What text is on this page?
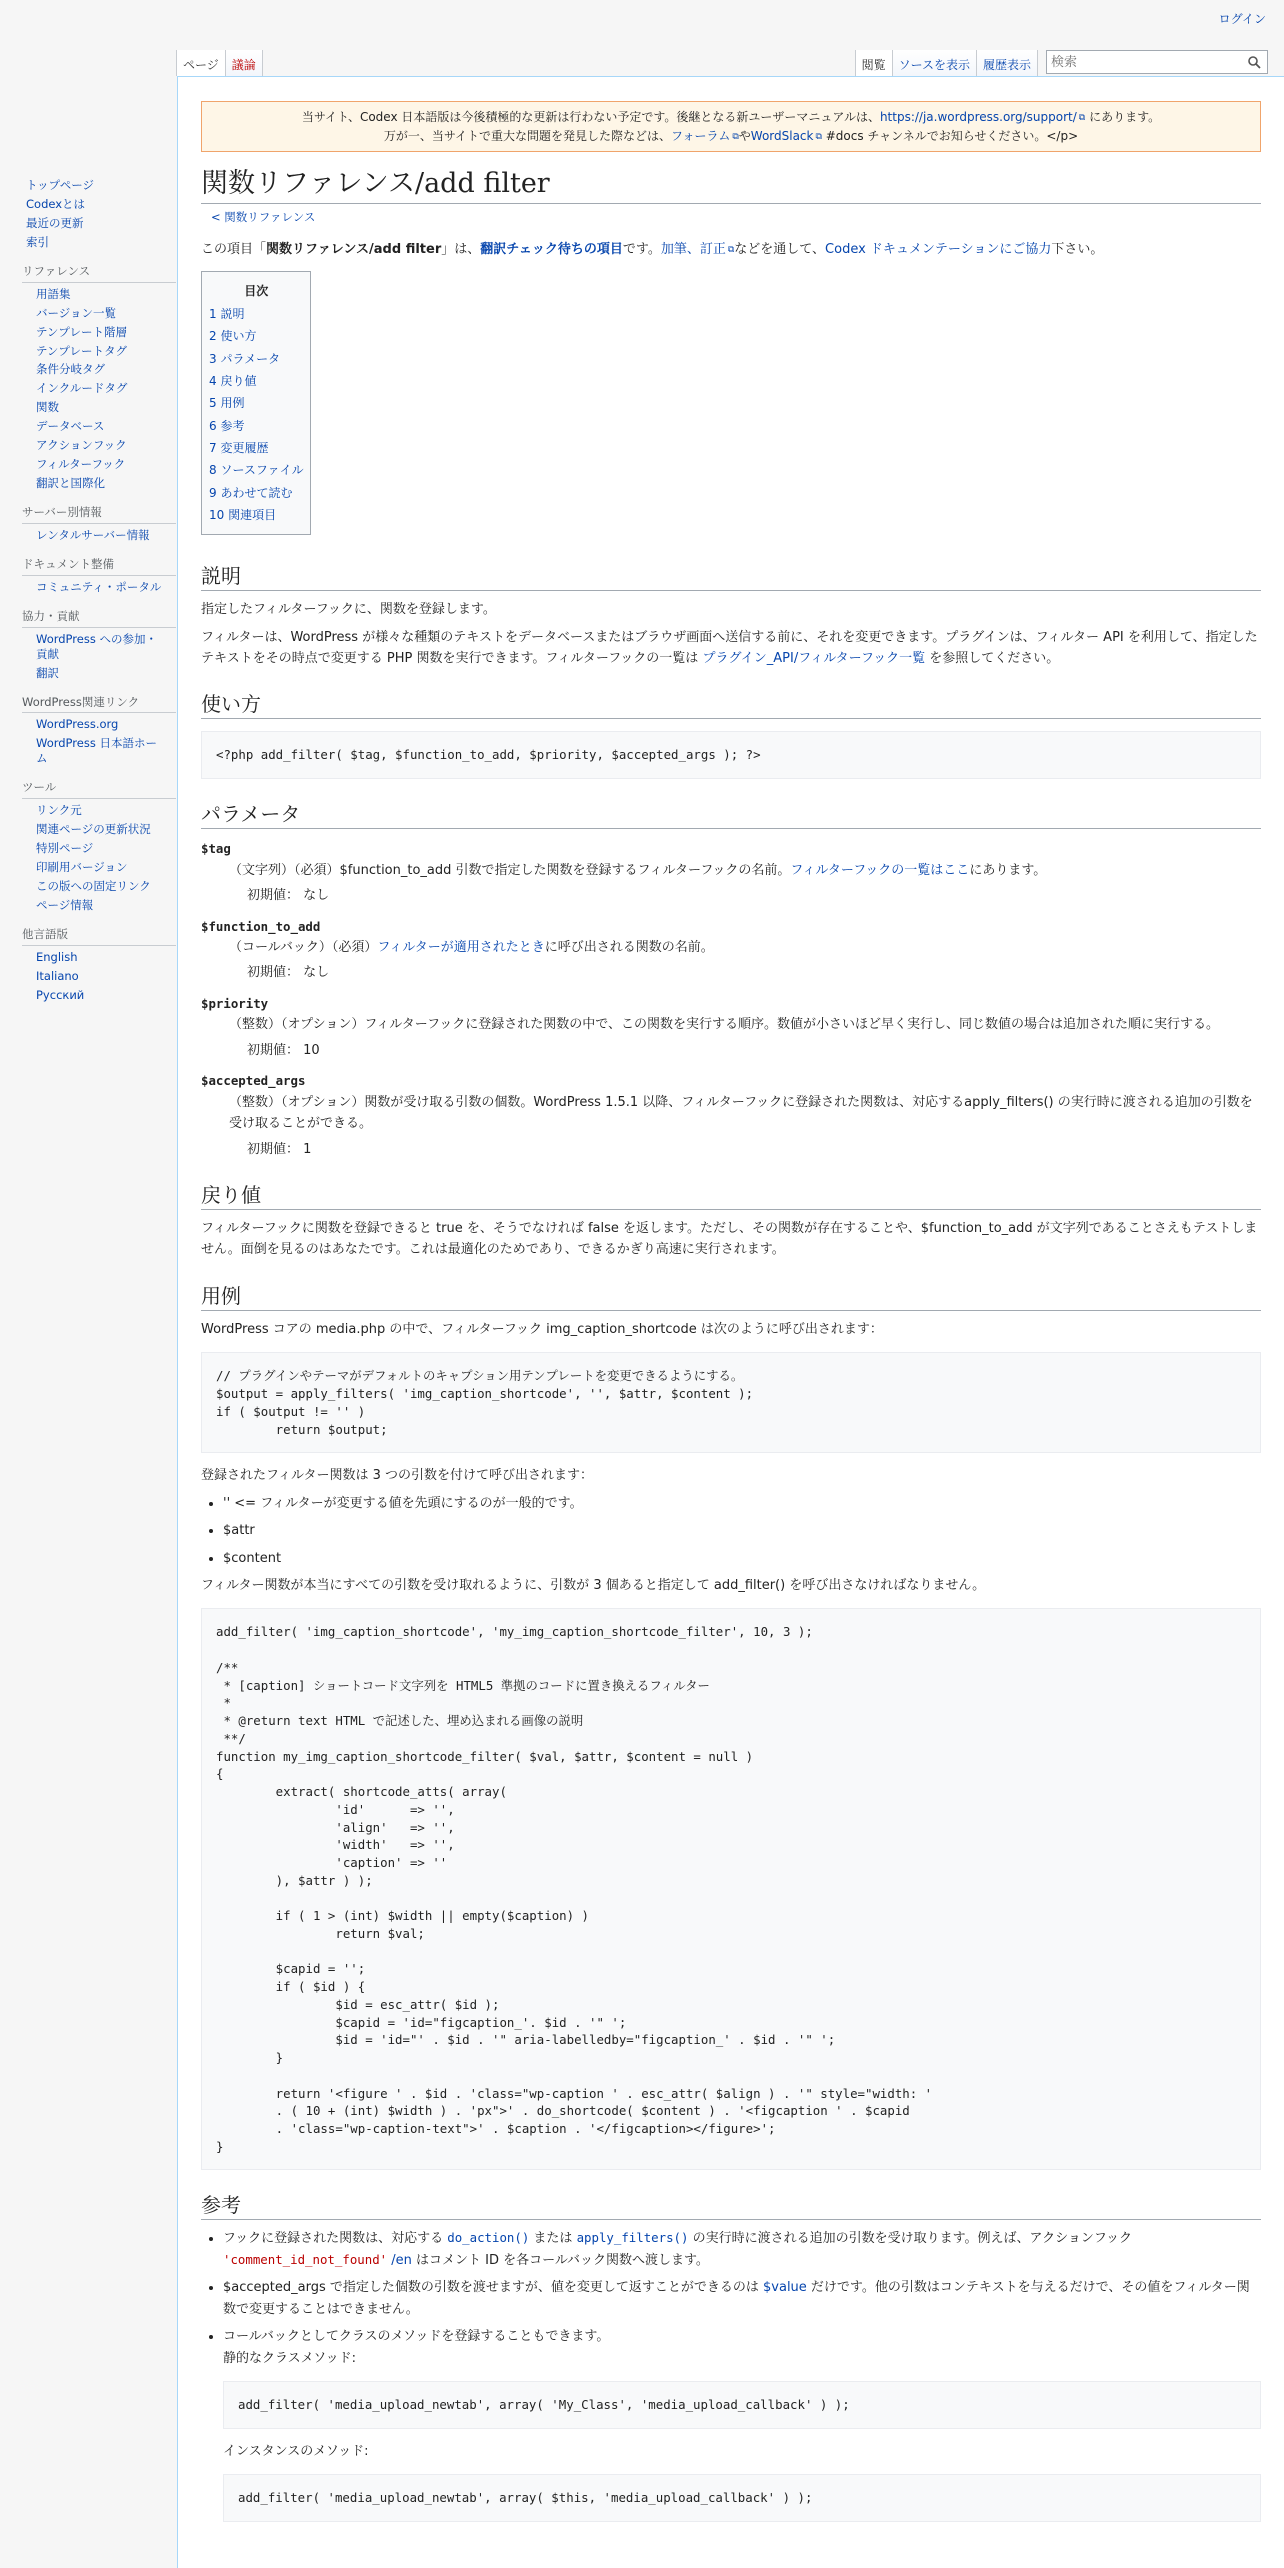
ログイン
ページ	議論	閲覧	ソースを表示	履歴表示
検索
トップページ
Codexとは
最近の更新
索引
リファレンス
用語集
バージョン一覧
テンプレート階層
テンプレートタグ
条件分岐タグ
インクルードタグ
関数
データベース
アクションフック
フィルターフック
翻訳と国際化
サーバー別情報
レンタルサーバー情報
ドキュメント整備
コミュニティ・ポータル
協力・貢献
WordPress への参加・貢献
翻訳
WordPress関連リンク
WordPress.org
WordPress 日本語ホーム
ツール
リンク元
関連ページの更新状況
特別ページ
印刷用バージョン
この版への固定リンク
ページ情報
他言語版
English
Italiano
Русский
当サイト、Codex 日本語版は今後積極的な更新は行わない予定です。後継となる新ユーザーマニュアルは、https://ja.wordpress.org/support/ ⧉ にあります。
万が一、当サイトで重大な問題を発見した際などは、フォーラム ⧉ やWordSlack ⧉ #docs チャンネルでお知らせください。</p>
関数リファレンス/add filter
< 関数リファレンス

この項目「関数リファレンス/add filter」は、翻訳チェック待ちの項目です。加筆、訂正 ⧉ などを通して、Codex ドキュメンテーションにご協力下さい。

目次
1 説明
2 使い方
3 パラメータ
4 戻り値
5 用例
6 参考
7 変更履歴
8 ソースファイル
9 あわせて読む
10 関連項目
説明

指定したフィルターフックに、関数を登録します。

フィルターは、WordPress が様々な種類のテキストをデータベースまたはブラウザ画面へ送信する前に、それを変更できます。プラグインは、フィルター API を利用して、指定したテキストをその時点で変更する PHP 関数を実行できます。フィルターフックの一覧は プラグイン_API/フィルターフック一覧 を参照してください。

使い方
<?php add_filter( $tag, $function_to_add, $priority, $accepted_args ); ?>
パラメータ
$tag
（文字列）（必須）$function_to_add 引数で指定した関数を登録するフィルターフックの名前。フィルターフックの一覧はここにあります。
初期値： なし
$function_to_add
（コールバック）（必須）フィルターが適用されたときに呼び出される関数の名前。
初期値： なし
$priority
（整数）（オプション）フィルターフックに登録された関数の中で、この関数を実行する順序。数値が小さいほど早く実行し、同じ数値の場合は追加された順に実行する。
初期値： 10
$accepted_args
（整数）（オプション）関数が受け取る引数の個数。WordPress 1.5.1 以降、フィルターフックに登録された関数は、対応するapply_filters() の実行時に渡される追加の引数を受け取ることができる。
初期値： 1
戻り値

フィルターフックに関数を登録できると true を、そうでなければ false を返します。ただし、その関数が存在することや、$function_to_add が文字列であることさえもテストしません。面倒を見るのはあなたです。これは最適化のためであり、できるかぎり高速に実行されます。

用例

WordPress コアの media.php の中で、フィルターフック img_caption_shortcode は次のように呼び出されます：

// プラグインやテーマがデフォルトのキャプション用テンプレートを変更できるようにする。
$output = apply_filters( 'img_caption_shortcode', '', $attr, $content );
if ( $output != '' )
return $output;

登録されたフィルター関数は 3 つの引数を付けて呼び出されます：

• '' <= フィルターが変更する値を先頭にするのが一般的です。
• $attr
• $content

フィルター関数が本当にすべての引数を受け取れるように、引数が 3 個あると指定して add_filter() を呼び出さなければなりません。

add_filter( 'img_caption_shortcode', 'my_img_caption_shortcode_filter', 10, 3 );

/**
* [caption] ショートコード文字列を HTML5 準拠のコードに置き換えるフィルター
*
* @return text HTML で記述した、埋め込まれる画像の説明
**/
function my_img_caption_shortcode_filter( $val, $attr, $content = null )
{
extract( shortcode_atts( array(
'id'      => '',
'align'   => '',
'width'   => '',
'caption' => ''
), $attr ) );

if ( 1 > (int) $width || empty($caption) )
return $val;

$capid = '';
if ( $id ) {
$id = esc_attr( $id );
$capid = 'id="figcaption_'. $id . '" ';
$id = 'id="' . $id . '" aria-labelledby="figcaption_' . $id . '" ';
}

return '<figure ' . $id . 'class="wp-caption ' . esc_attr( $align ) . '" style="width: '
. ( 10 + (int) $width ) . 'px">' . do_shortcode( $content ) . '<figcaption ' . $capid
. 'class="wp-caption-text">' . $caption . '</figcaption></figure>';
}
参考
• フックに登録された関数は、対応する do_action() または apply_filters() の実行時に渡される追加の引数を受け取ります。例えば、アクションフック 'comment_id_not_found' /en はコメント ID を各コールバック関数へ渡します。
• $accepted_args で指定した個数の引数を渡せますが、値を変更して返すことができるのは $value だけです。他の引数はコンテキストを与えるだけで、その値をフィルター関数で変更することはできません。
• コールバックとしてクラスのメソッドを登録することもできます。
静的なクラスメソッド:
add_filter( 'media_upload_newtab', array( 'My_Class', 'media_upload_callback' ) );
インスタンスのメソッド:
add_filter( 'media_upload_newtab', array( $this, 'media_upload_callback' ) );
